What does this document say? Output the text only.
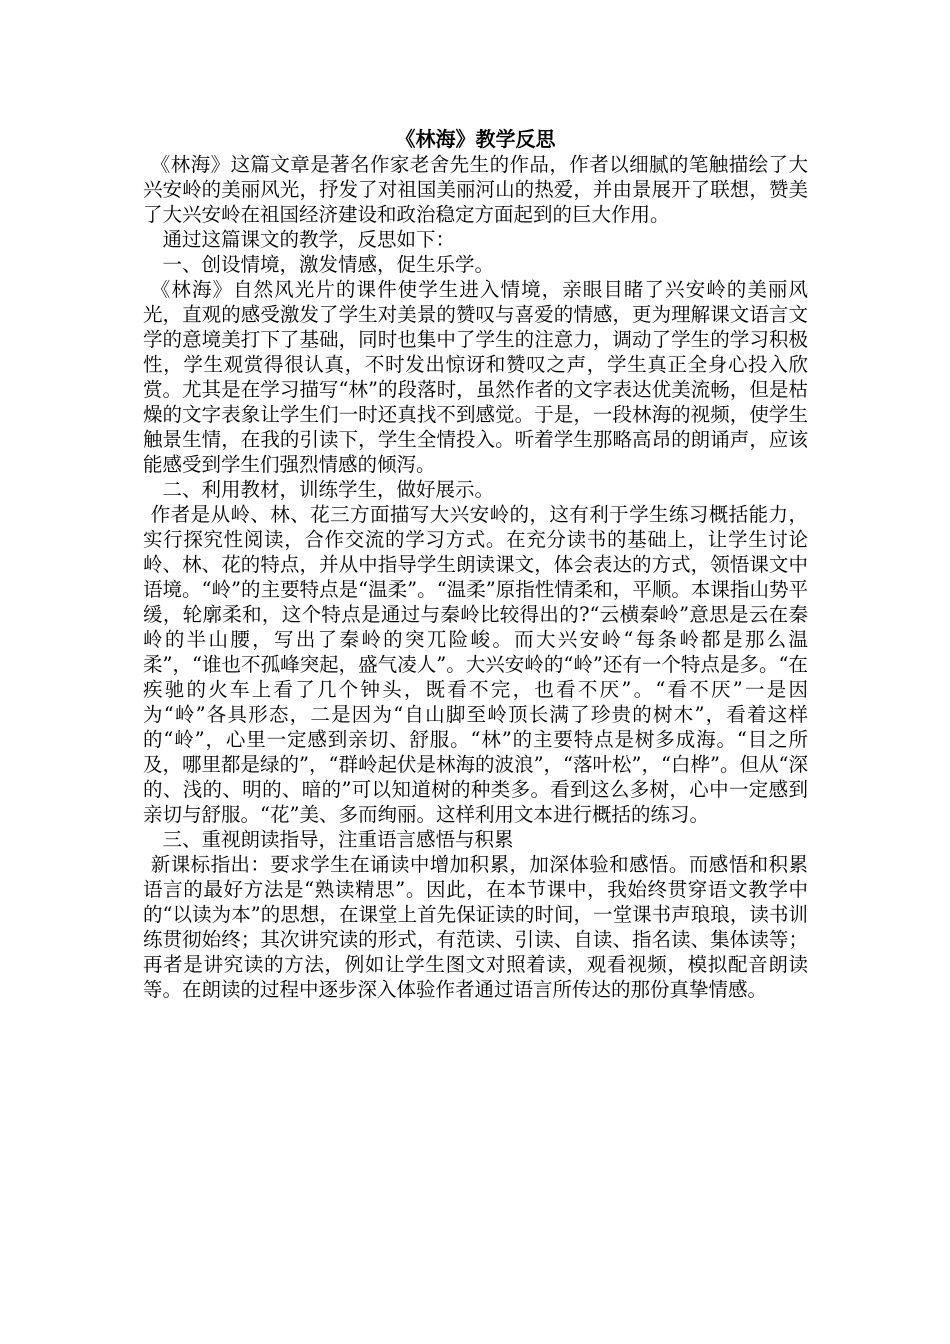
《林海》教学反思

《林海》这篇文章是著名作家老舍先生的作品，作者以细腻的笔触描绘了大兴安岭的美丽风光，抒发了对祖国美丽河山的热爱，并由景展开了联想，赞美了大兴安岭在祖国经济建设和政治稳定方面起到的巨大作用。

通过这篇课文的教学，反思如下：

一、创设情境，激发情感，促生乐学。

《林海》自然风光片的课件使学生进入情境，亲眼目睹了兴安岭的美丽风光，直观的感受激发了学生对美景的赞叹与喜爱的情感，更为理解课文语言文学的意境美打下了基础，同时也集中了学生的注意力，调动了学生的学习积极性，学生观赏得很认真，不时发出惊讶和赞叹之声，学生真正全身心投入欣赏。尤其是在学习描写“林”的段落时，虽然作者的文字表达优美流畅，但是枯燥的文字表象让学生们一时还真找不到感觉。于是，一段林海的视频，使学生触景生情，在我的引读下，学生全情投入。听着学生那略高昂的朗诵声，应该能感受到学生们强烈情感的倾泻。

二、利用教材，训练学生，做好展示。

作者是从岭、林、花三方面描写大兴安岭的，这有利于学生练习概括能力，实行探究性阅读，合作交流的学习方式。在充分读书的基础上，让学生讨论岭、林、花的特点，并从中指导学生朗读课文，体会表达的方式，领悟课文中语境。“岭”的主要特点是“温柔”。“温柔”原指性情柔和，平顺。本课指山势平缓，轮廓柔和，这个特点是通过与秦岭比较得出的?“云横秦岭”意思是云在秦岭的半山腰，写出了秦岭的突兀险峻。而大兴安岭“每条岭都是那么温柔”，“谁也不孤峰突起，盛气凌人”。大兴安岭的“岭”还有一个特点是多。“在疾驰的火车上看了几个钟头，既看不完，也看不厌”。“看不厌”一是因为“岭”各具形态，二是因为“自山脚至岭顶长满了珍贵的树木”，看着这样的“岭”，心里一定感到亲切、舒服。“林”的主要特点是树多成海。“目之所及，哪里都是绿的”，“群岭起伏是林海的波浪”，“落叶松”，“白桦”。但从“深的、浅的、明的、暗的”可以知道树的种类多。看到这么多树，心中一定感到亲切与舒服。“花”美、多而绚丽。这样利用文本进行概括的练习。

三、重视朗读指导，注重语言感悟与积累

新课标指出：要求学生在诵读中增加积累，加深体验和感悟。而感悟和积累语言的最好方法是“熟读精思”。因此，在本节课中，我始终贯穿语文教学中的“以读为本”的思想，在课堂上首先保证读的时间，一堂课书声琅琅，读书训练贯彻始终；其次讲究读的形式，有范读、引读、自读、指名读、集体读等；再者是讲究读的方法，例如让学生图文对照着读，观看视频，模拟配音朗读等。在朗读的过程中逐步深入体验作者通过语言所传达的那份真挚情感。
